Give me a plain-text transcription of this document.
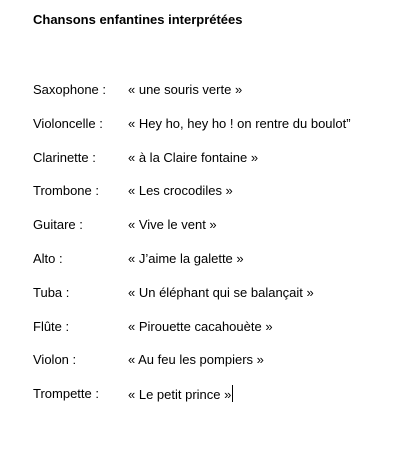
Chansons enfantines interprétées
Saxophone : « une souris verte »
Violoncelle : « Hey ho, hey ho ! on rentre du boulot”
Clarinette : « à la Claire fontaine »
Trombone : « Les crocodiles »
Guitare :	« Vive le vent »
Alto :	« J’aime la galette »
Tuba :	« Un éléphant qui se balançait »
Flûte :	« Pirouette cacahouète »
Violon :	« Au feu les pompiers »
Trompette : « Le petit prince »
